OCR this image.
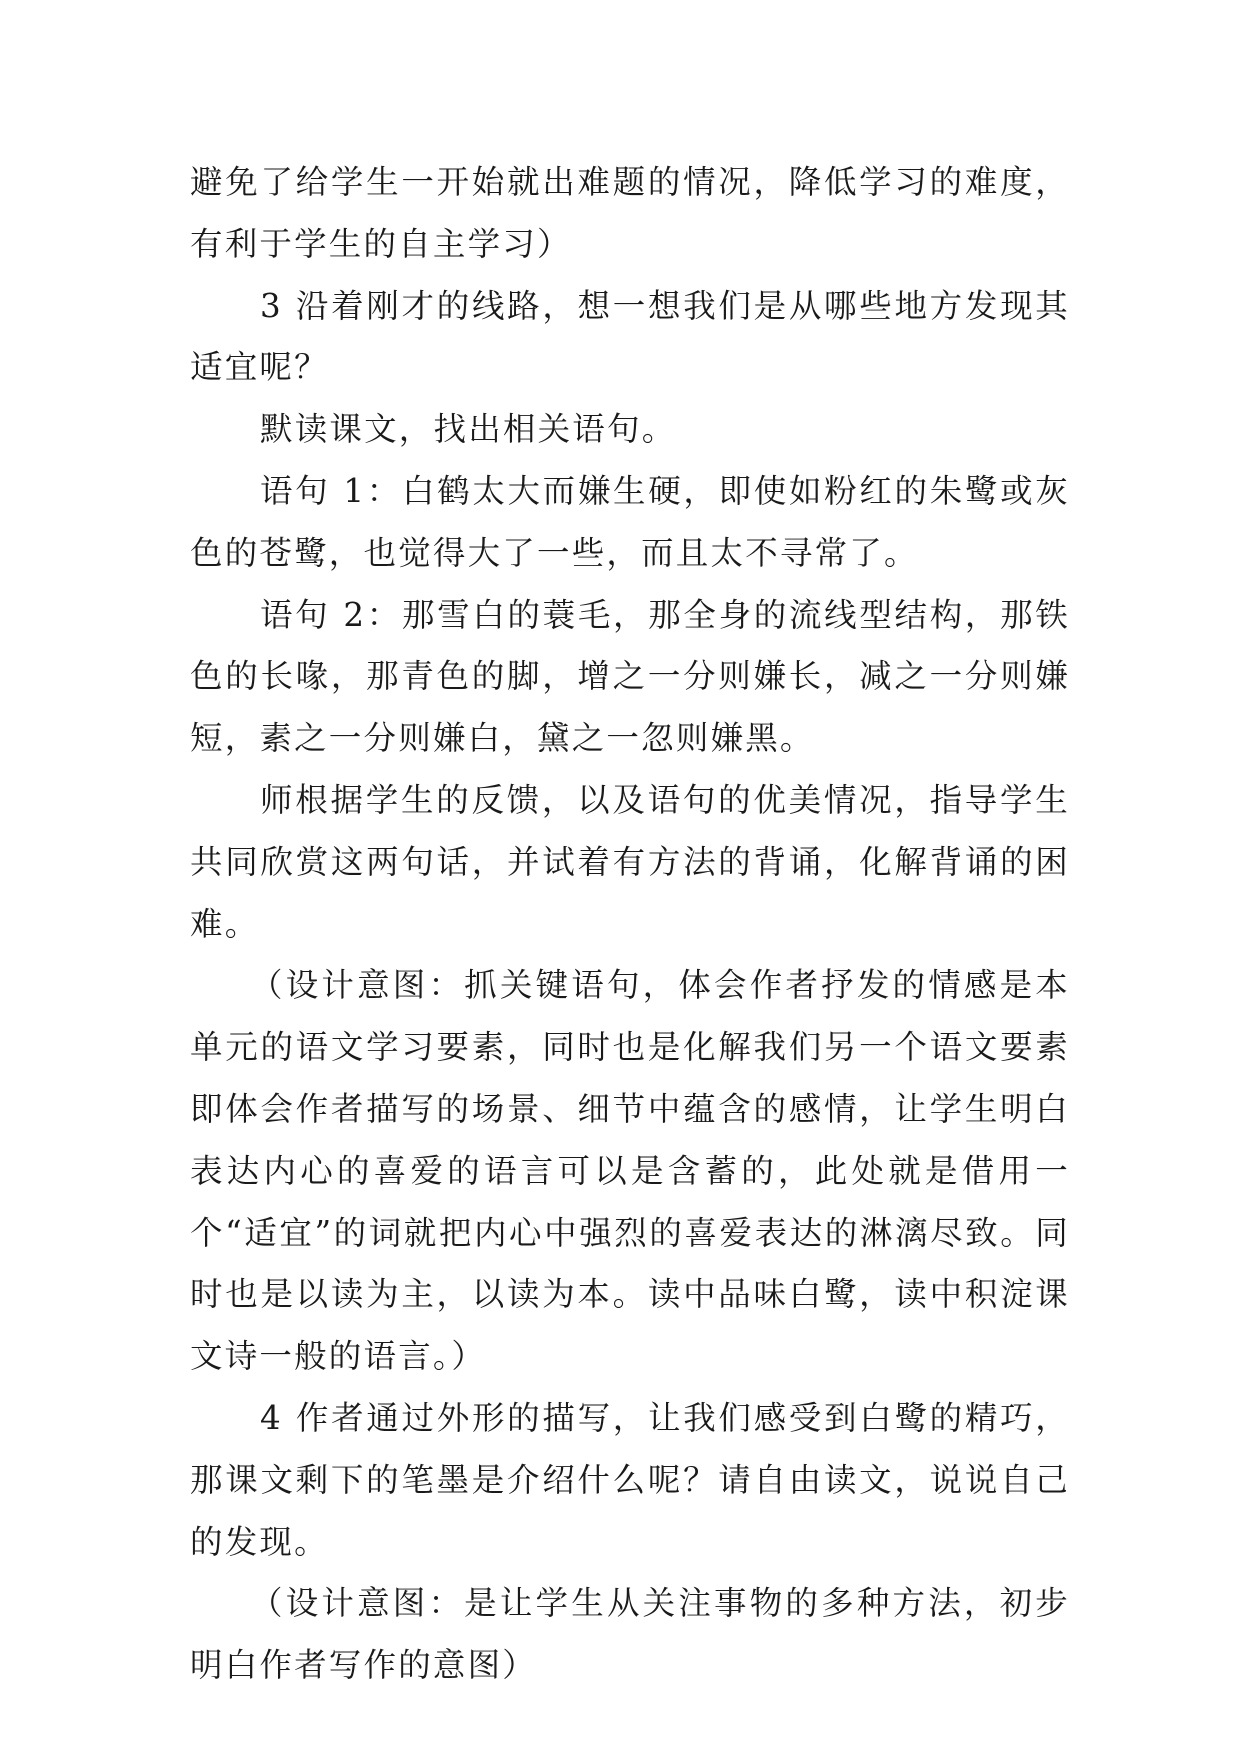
避免了给学生一开始就出难题的情况，降低学习的难度，有利于学生的自主学习）

3 沿着刚才的线路，想一想我们是从哪些地方发现其适宜呢？

默读课文，找出相关语句。

语句 1：白鹤太大而嫌生硬，即使如粉红的朱鹭或灰色的苍鹭，也觉得大了一些，而且太不寻常了。

语句 2：那雪白的蓑毛，那全身的流线型结构，那铁色的长喙，那青色的脚，增之一分则嫌长，减之一分则嫌短，素之一分则嫌白，黛之一忽则嫌黑。

师根据学生的反馈，以及语句的优美情况，指导学生共同欣赏这两句话，并试着有方法的背诵，化解背诵的困难。

（设计意图：抓关键语句，体会作者抒发的情感是本单元的语文学习要素，同时也是化解我们另一个语文要素即体会作者描写的场景、细节中蕴含的感情，让学生明白表达内心的喜爱的语言可以是含蓄的，此处就是借用一个“适宜”的词就把内心中强烈的喜爱表达的淋漓尽致。同时也是以读为主，以读为本。读中品味白鹭，读中积淀课文诗一般的语言。）

4 作者通过外形的描写，让我们感受到白鹭的精巧，那课文剩下的笔墨是介绍什么呢？请自由读文，说说自己的发现。

（设计意图：是让学生从关注事物的多种方法，初步明白作者写作的意图）
